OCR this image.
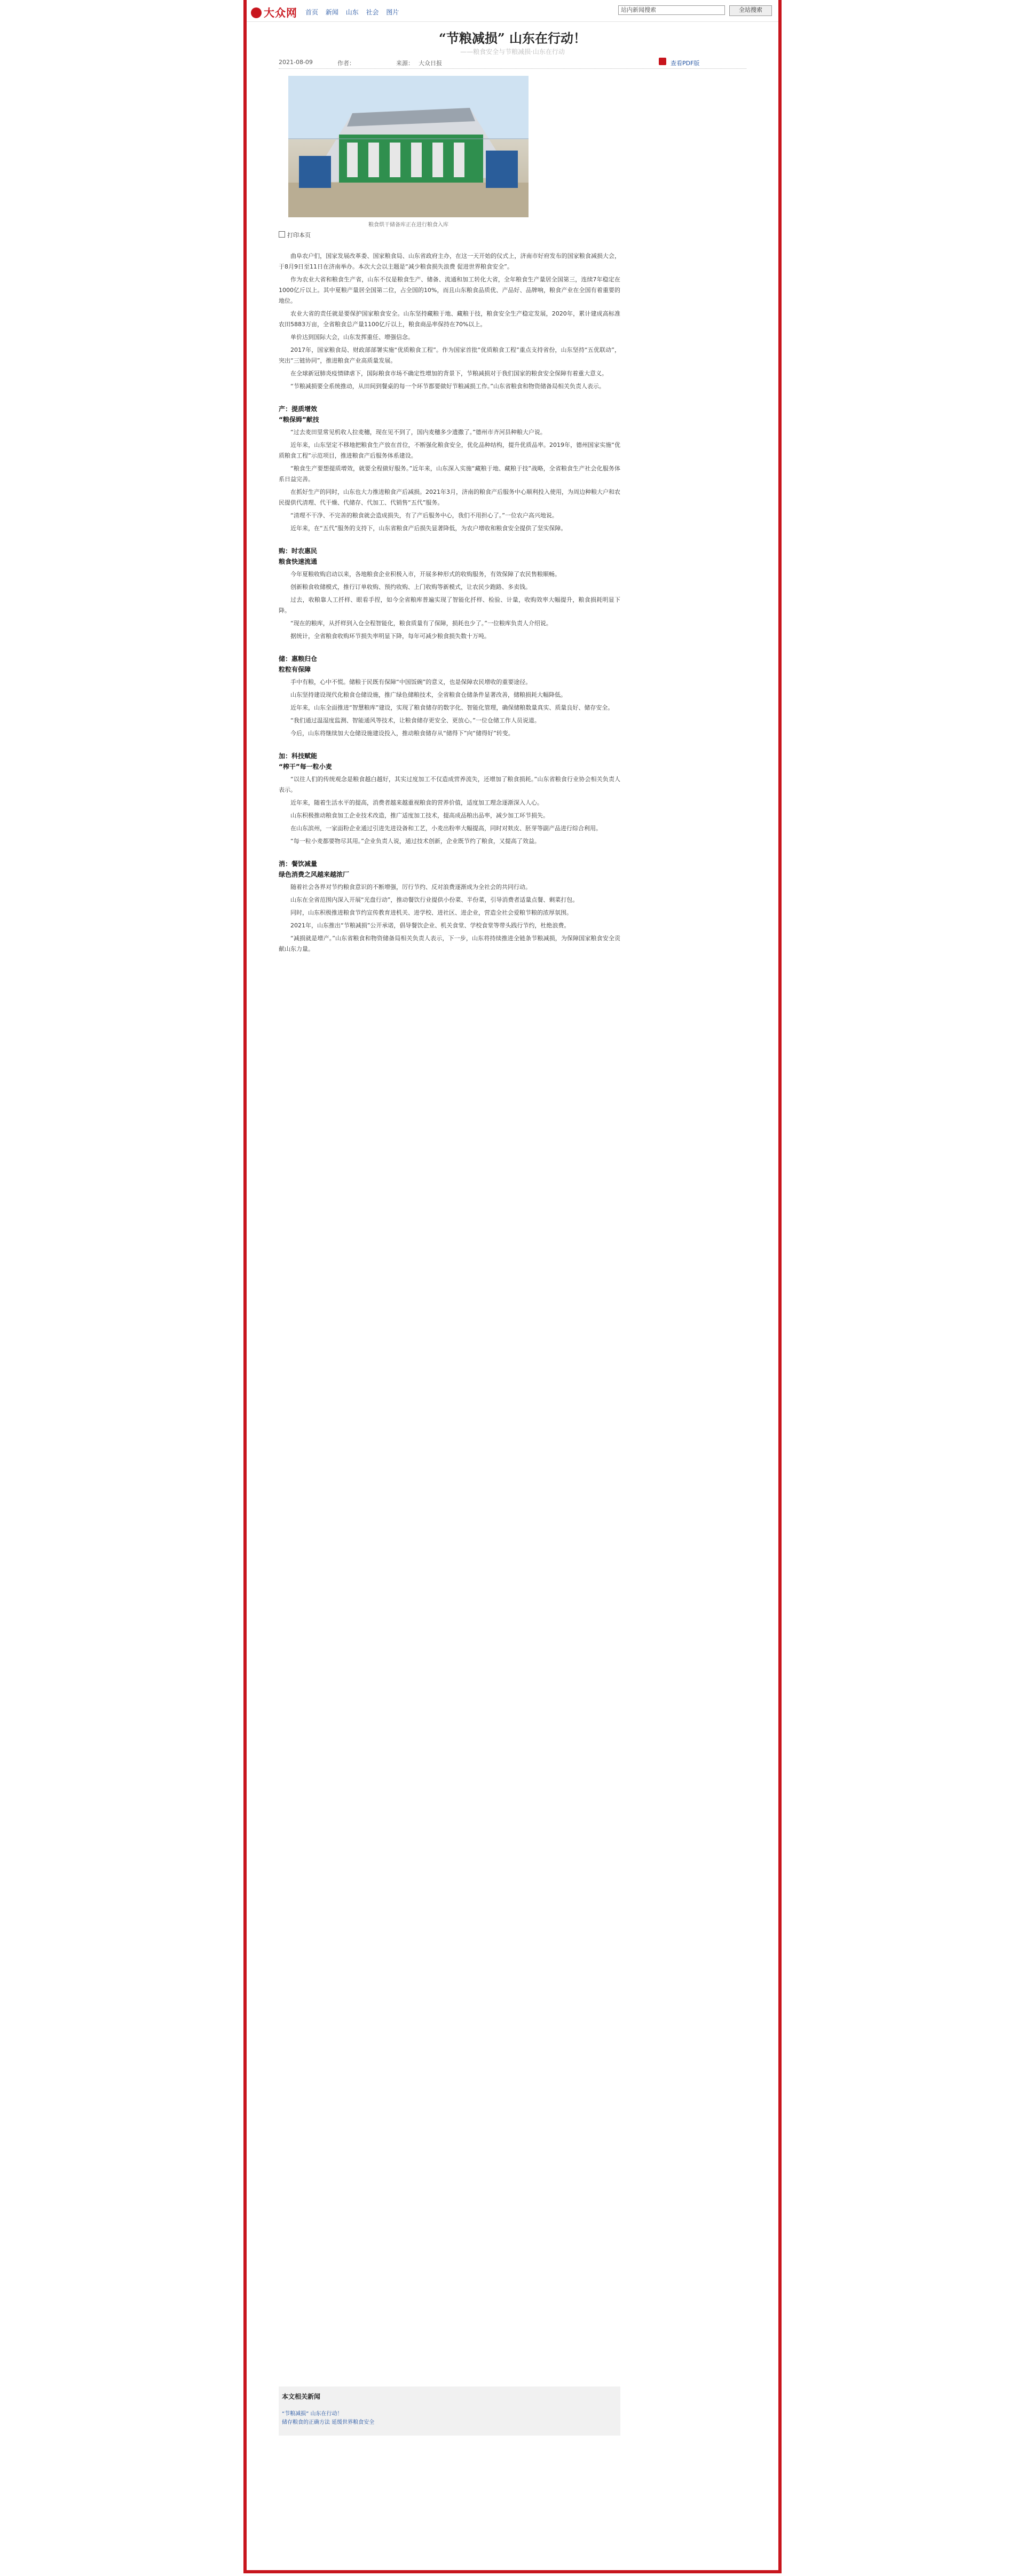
大众网 首页 新闻 山东 社会 图片	站内新闻搜索	全站搜索
“节粮减损” 山东在行动！
——粮食安全与节粮减损·山东在行动
2021-08-09	作者：	来源： 大众日报	查看PDF版
粮食烘干储备库正在进行粮食入库
打印本页

曲阜农户们，国家发展改革委、国家粮食局、山东省政府主办，在这一天开始的仪式上，济南市好府发布的国家粮食减损大会，于8月9日至11日在济南举办。本次大会以主题是“减少粮食损失浪费 促进世界粮食安全”。

作为农业大省和粮食生产省，山东不仅是粮食生产、储备、流通和加工转化大省，全年粮食生产量居全国第三，连续7年稳定在1000亿斤以上。其中夏粮产量居全国第二位，占全国的10%，而且山东粮食品质优、产品好、品牌响，粮食产业在全国有着重要的地位。

农业大省的责任就是要保护国家粮食安全。山东坚持藏粮于地、藏粮于技，粮食安全生产稳定发展，2020年，累计建成高标准农田5883万亩，全省粮食总产量1100亿斤以上，粮食商品率保持在70%以上。

单价达到国际大会，山东发挥重任、增强信念。

2017年，国家粮食局、财政部部署实施“优质粮食工程”。作为国家首批“优质粮食工程”重点支持省份，山东坚持“五优联动”，突出“三链协同”，推进粮食产业高质量发展。

在全球新冠肺炎疫情肆虐下，国际粮食市场不确定性增加的背景下，节粮减损对于我们国家的粮食安全保障有着重大意义。

“节粮减损要全系统推动，从田间到餐桌的每一个环节都要做好节粮减损工作。”山东省粮食和物资储备局相关负责人表示。

产：提质增效
“粮保姆”献技

“过去麦田里常见机收人拉麦穗，现在见不到了，国内麦穗多少遗撒了。”德州市齐河县种粮大户说。

近年来，山东坚定不移地把粮食生产放在首位，不断强化粮食安全，优化品种结构，提升优质品率。2019年，德州国家实施“优质粮食工程”示范项目，推进粮食产后服务体系建设。

“粮食生产要想提质增效，就要全程做好服务。”近年来，山东深入实施“藏粮于地、藏粮于技”战略，全省粮食生产社会化服务体系日益完善。

在抓好生产的同时，山东也大力推进粮食产后减损。2021年3月，济南的粮食产后服务中心顺利投入使用，为周边种粮大户和农民提供代清理、代干燥、代储存、代加工、代销售“五代”服务。

“清理不干净、不完善的粮食就会造成损失，有了产后服务中心，我们不用担心了。”一位农户高兴地说。

近年来，在“五代”服务的支持下，山东省粮食产后损失显著降低，为农户增收和粮食安全提供了坚实保障。

购：时农惠民
粮食快速流通

今年夏粮收购启动以来，各地粮食企业积极入市，开展多种形式的收购服务，有效保障了农民售粮顺畅。

创新粮食收储模式，推行订单收购、预约收购、上门收购等新模式，让农民少跑路、多卖钱。

过去，收粮靠人工扦样、眼看手捏，如今全省粮库普遍实现了智能化扦样、检验、计量，收购效率大幅提升，粮食损耗明显下降。

“现在的粮库，从扦样到入仓全程智能化，粮食质量有了保障，损耗也少了。”一位粮库负责人介绍说。

据统计，全省粮食收购环节损失率明显下降，每年可减少粮食损失数十万吨。

储：惠粮归仓
粒粒有保障

手中有粮，心中不慌。储粮于民既有保障“中国饭碗”的意义，也是保障农民增收的重要途径。

山东坚持建设现代化粮食仓储设施，推广绿色储粮技术，全省粮食仓储条件显著改善，储粮损耗大幅降低。

近年来，山东全面推进“智慧粮库”建设，实现了粮食储存的数字化、智能化管理，确保储粮数量真实、质量良好、储存安全。

“我们通过温湿度监测、智能通风等技术，让粮食储存更安全、更放心。”一位仓储工作人员说道。

今后，山东将继续加大仓储设施建设投入，推动粮食储存从“储得下”向“储得好”转变。

加：科技赋能
“榨干”每一粒小麦

“以往人们的传统观念是粮食越白越好，其实过度加工不仅造成营养流失，还增加了粮食损耗。”山东省粮食行业协会相关负责人表示。

近年来，随着生活水平的提高，消费者越来越重视粮食的营养价值，适度加工理念逐渐深入人心。

山东积极推动粮食加工企业技术改造，推广适度加工技术，提高成品粮出品率，减少加工环节损失。

在山东滨州，一家面粉企业通过引进先进设备和工艺，小麦出粉率大幅提高，同时对麸皮、胚芽等副产品进行综合利用。

“每一粒小麦都要物尽其用。”企业负责人说，通过技术创新，企业既节约了粮食，又提高了效益。

消：餐饮减量
绿色消费之风越来越浓厂

随着社会各界对节约粮食意识的不断增强，厉行节约、反对浪费逐渐成为全社会的共同行动。

山东在全省范围内深入开展“光盘行动”，推动餐饮行业提供小份菜、半份菜，引导消费者适量点餐、剩菜打包。

同时，山东积极推进粮食节约宣传教育进机关、进学校、进社区、进企业，营造全社会爱粮节粮的浓厚氛围。

2021年，山东推出“节粮减损”公开承诺，倡导餐饮企业、机关食堂、学校食堂等带头践行节约，杜绝浪费。

“减损就是增产。”山东省粮食和物资储备局相关负责人表示，下一步，山东将持续推进全链条节粮减损，为保障国家粮食安全贡献山东力量。

本文相关新闻
“节粮减损” 山东在行动！
储存粮食的正确方法 延缓世界粮食安全
